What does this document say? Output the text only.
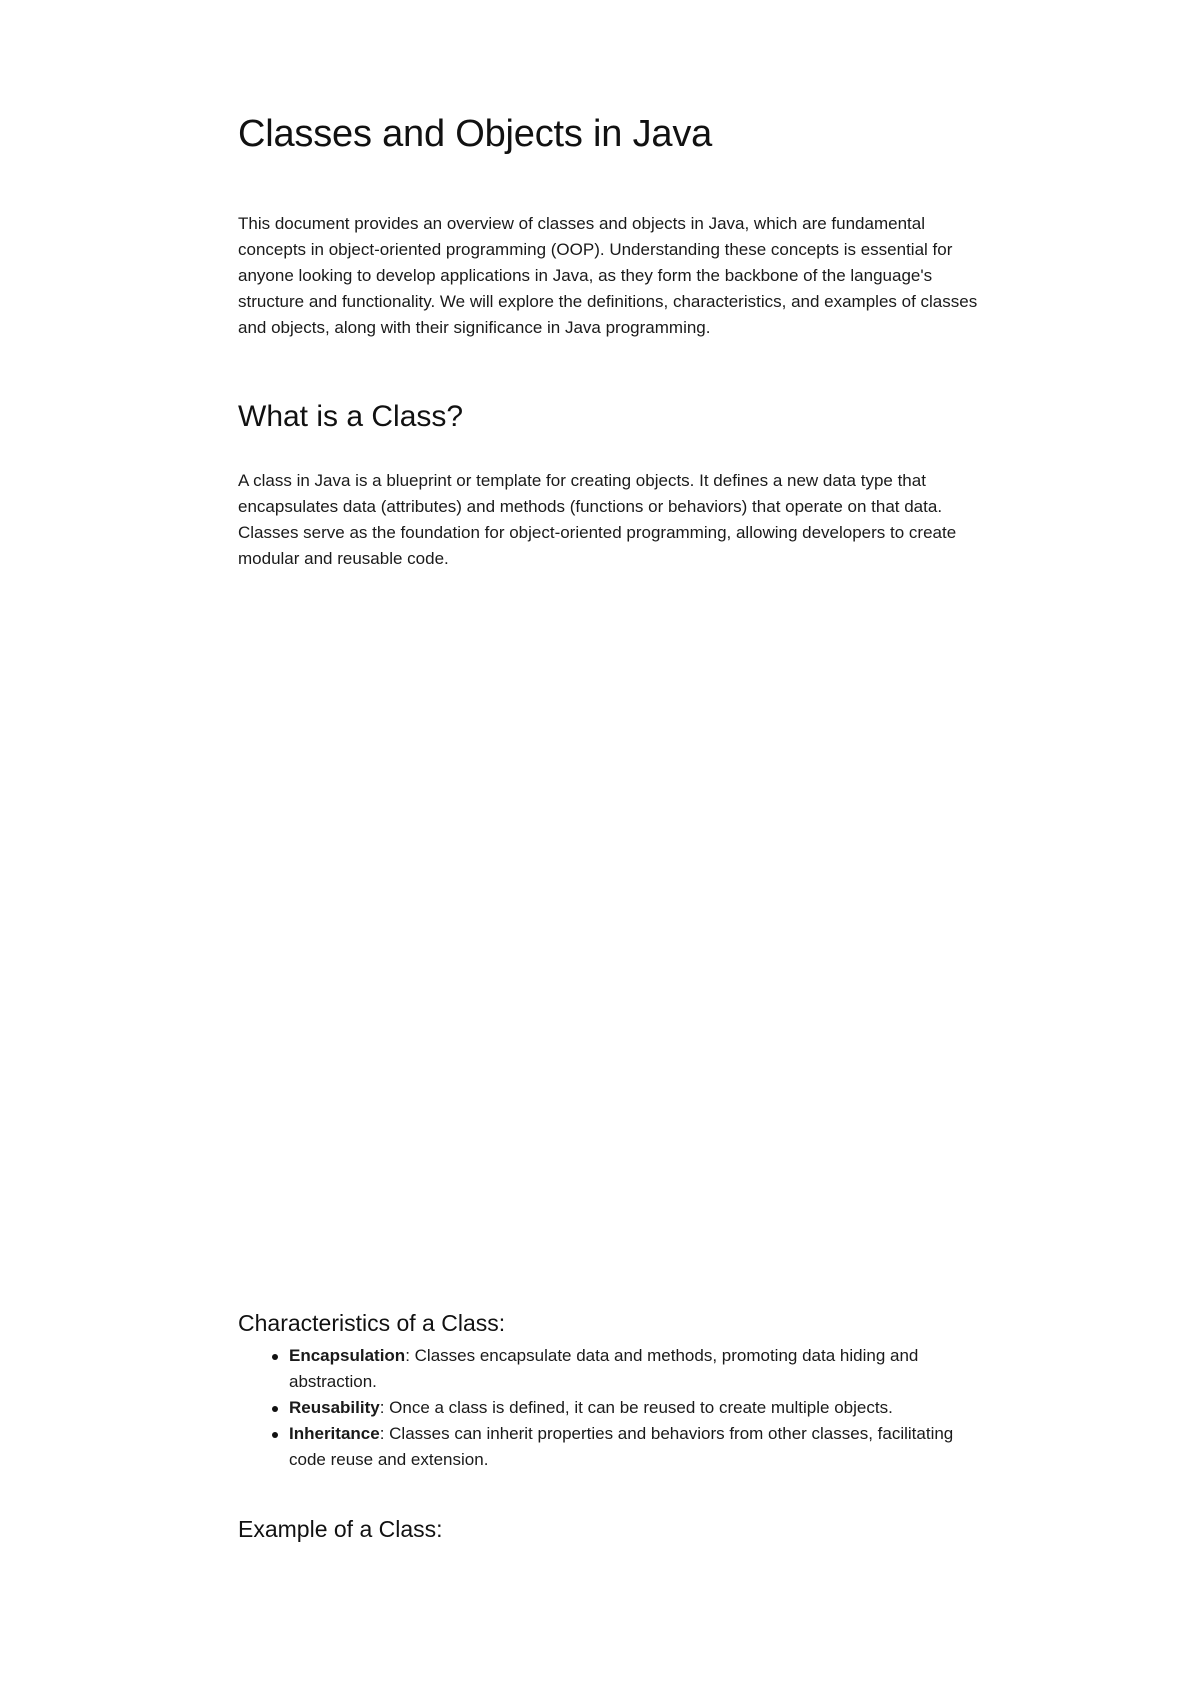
Classes and Objects in Java

This document provides an overview of classes and objects in Java, which are fundamental concepts in object-oriented programming (OOP). Understanding these concepts is essential for anyone looking to develop applications in Java, as they form the backbone of the language's structure and functionality. We will explore the definitions, characteristics, and examples of classes and objects, along with their significance in Java programming.

What is a Class?

A class in Java is a blueprint or template for creating objects. It defines a new data type that encapsulates data (attributes) and methods (functions or behaviors) that operate on that data. Classes serve as the foundation for object-oriented programming, allowing developers to create modular and reusable code.

Characteristics of a Class:
Encapsulation: Classes encapsulate data and methods, promoting data hiding and abstraction.
Reusability: Once a class is defined, it can be reused to create multiple objects.
Inheritance: Classes can inherit properties and behaviors from other classes, facilitating code reuse and extension.
Example of a Class:
